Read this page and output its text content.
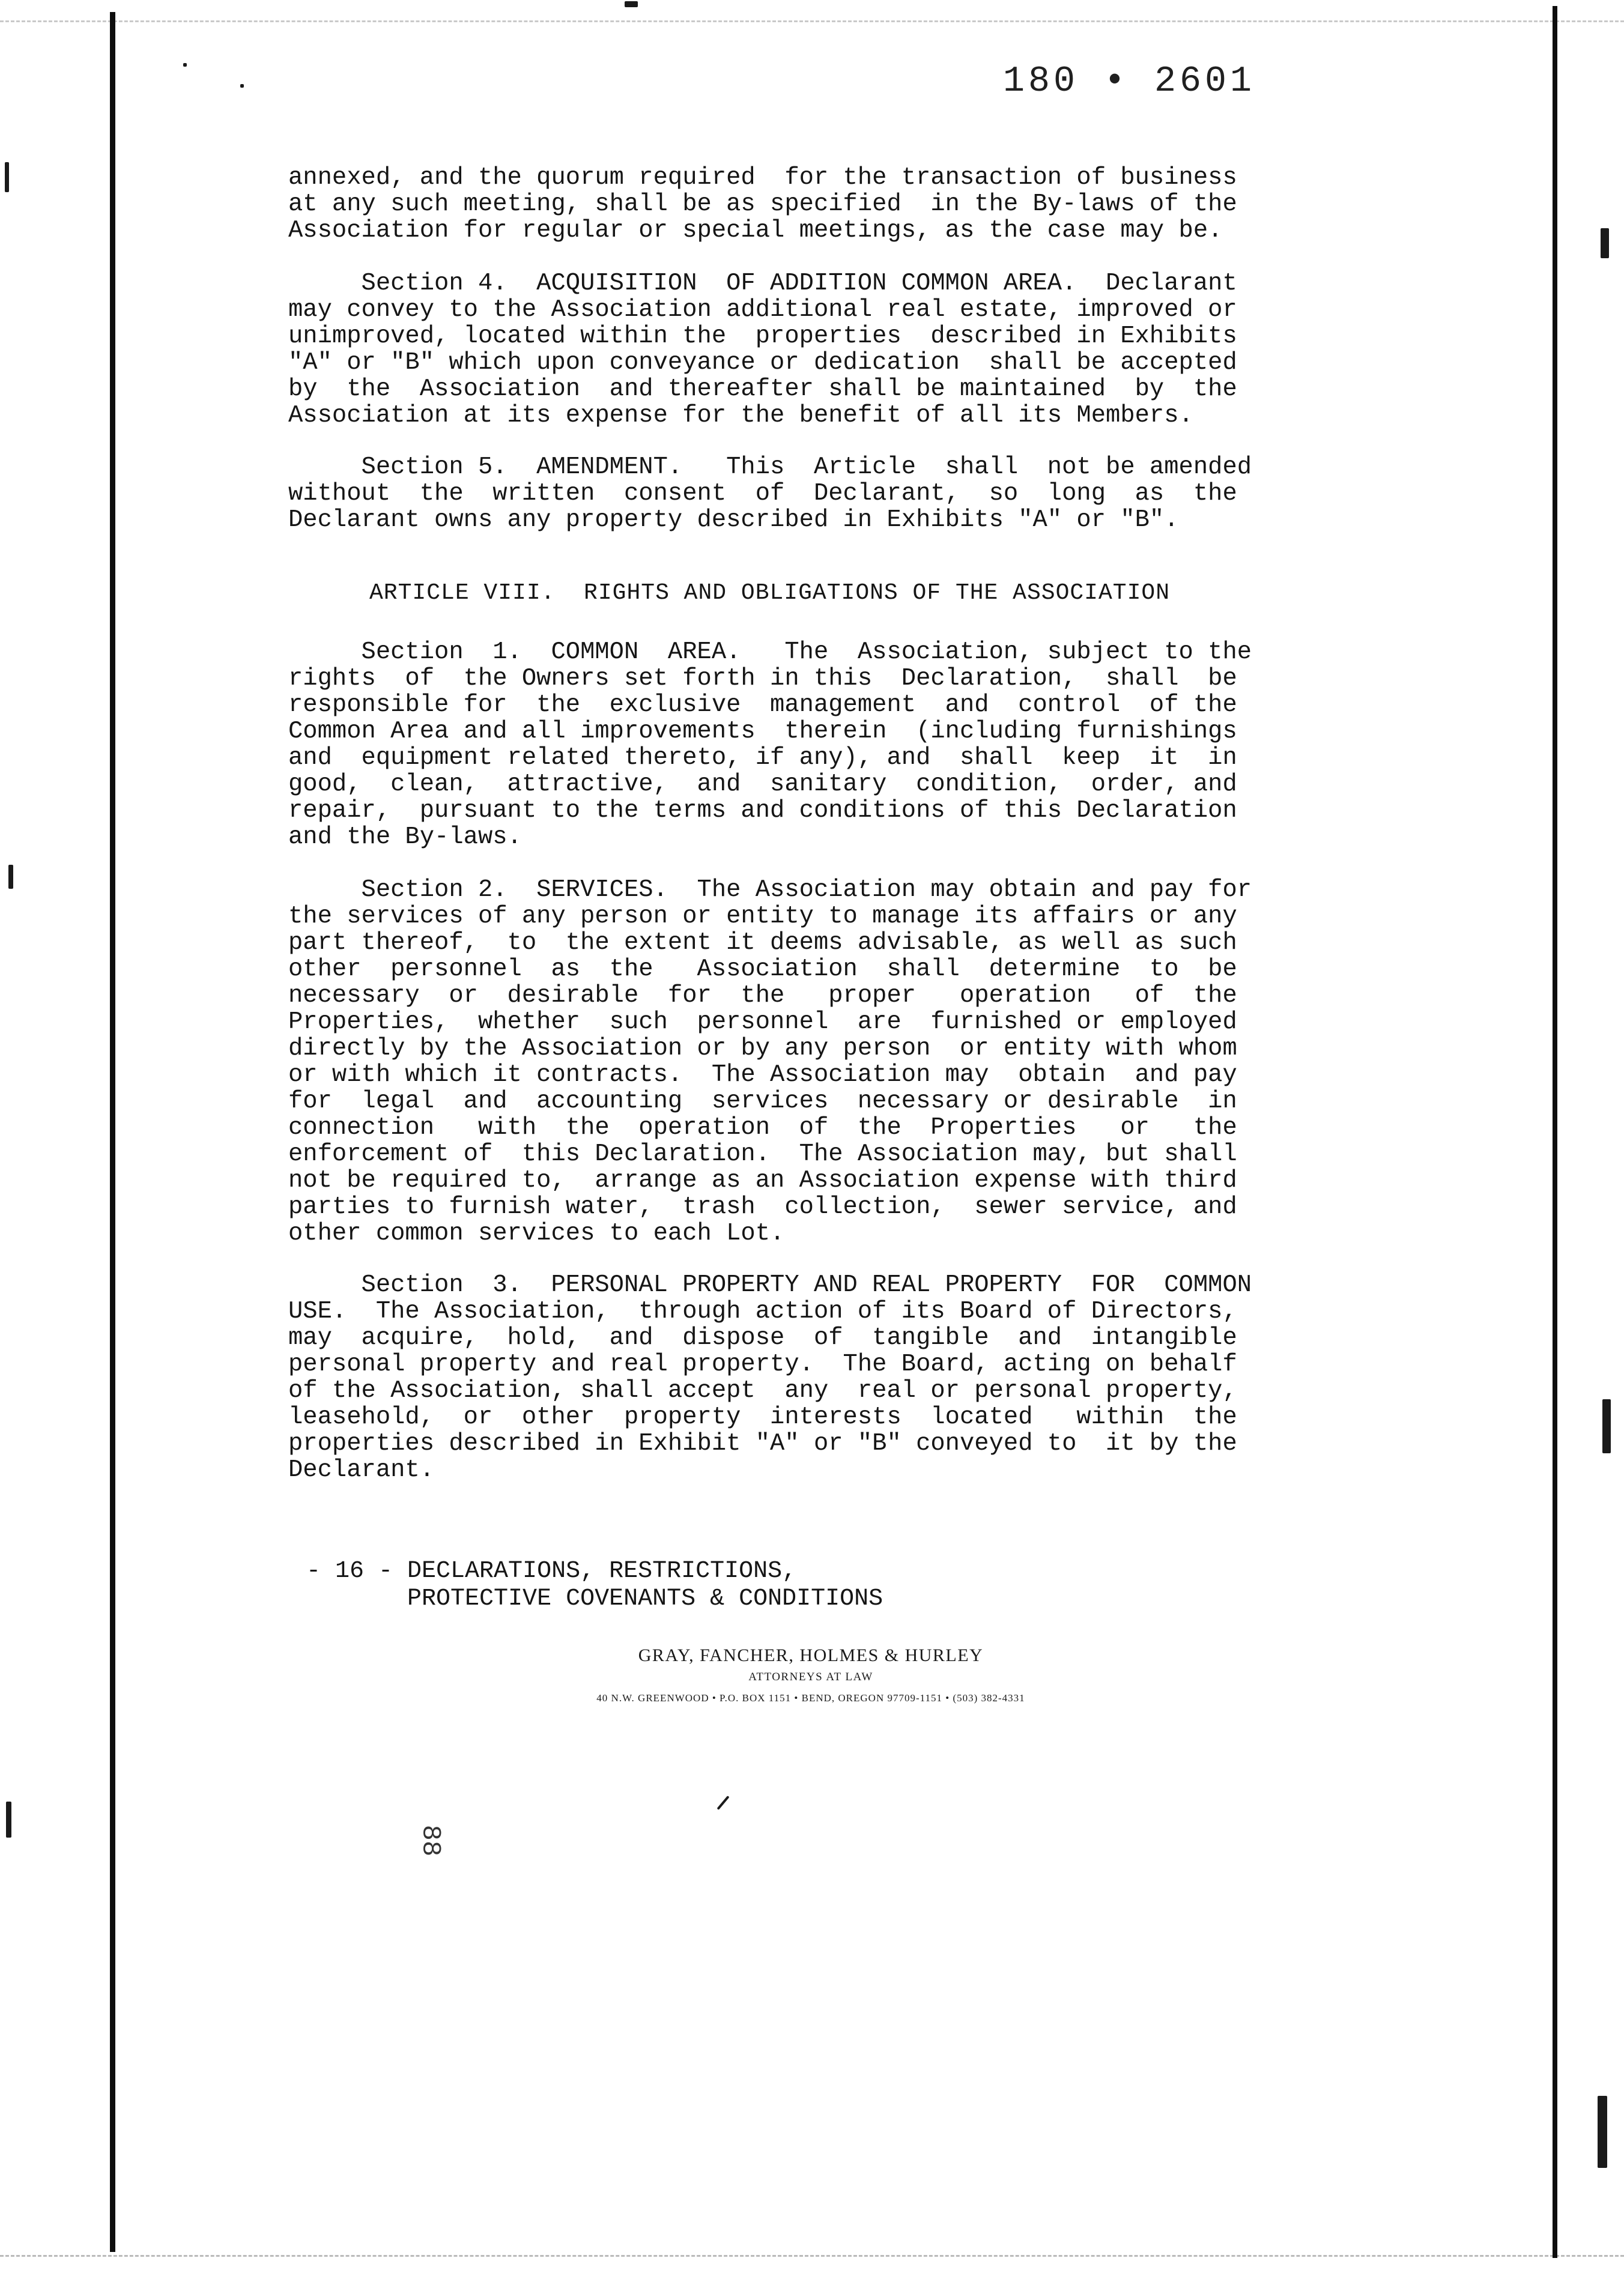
180 • 2601
annexed, and the quorum required  for the transaction of business
at any such meeting, shall be as specified  in the By-laws of the
Association for regular or special meetings, as the case may be.
Section 4.  ACQUISITION  OF ADDITION COMMON AREA.  Declarant
may convey to the Association additional real estate, improved or
unimproved, located within the  properties  described in Exhibits
"A" or "B" which upon conveyance or dedication  shall be accepted
by  the  Association  and thereafter shall be maintained  by  the
Association at its expense for the benefit of all its Members.
Section 5.  AMENDMENT.   This  Article  shall  not be amended
without  the  written  consent  of  Declarant,  so  long  as  the
Declarant owns any property described in Exhibits "A" or "B".
ARTICLE VIII.  RIGHTS AND OBLIGATIONS OF THE ASSOCIATION
Section  1.  COMMON  AREA.   The  Association, subject to the
rights  of  the Owners set forth in this  Declaration,  shall  be
responsible for  the  exclusive  management  and  control  of the
Common Area and all improvements  therein  (including furnishings
and  equipment related thereto, if any), and  shall  keep  it  in
good,  clean,  attractive,  and  sanitary  condition,  order, and
repair,  pursuant to the terms and conditions of this Declaration
and the By-laws.
Section 2.  SERVICES.  The Association may obtain and pay for
the services of any person or entity to manage its affairs or any
part thereof,  to  the extent it deems advisable, as well as such
other  personnel  as  the   Association  shall  determine  to  be
necessary  or  desirable  for  the   proper   operation   of  the
Properties,  whether  such  personnel  are  furnished or employed
directly by the Association or by any person  or entity with whom
or with which it contracts.  The Association may  obtain  and pay
for  legal  and  accounting  services  necessary or desirable  in
connection   with  the  operation  of  the  Properties   or   the
enforcement of  this Declaration.  The Association may, but shall
not be required to,  arrange as an Association expense with third
parties to furnish water,  trash  collection,  sewer service, and
other common services to each Lot.
Section  3.  PERSONAL PROPERTY AND REAL PROPERTY  FOR  COMMON
USE.  The Association,  through action of its Board of Directors,
may  acquire,  hold,  and  dispose  of  tangible  and  intangible
personal property and real property.  The Board, acting on behalf
of the Association, shall accept  any  real or personal property,
leasehold,  or  other  property  interests  located   within  the
properties described in Exhibit "A" or "B" conveyed to  it by the
Declarant.
- 16 - DECLARATIONS, RESTRICTIONS,
PROTECTIVE COVENANTS & CONDITIONS
GRAY, FANCHER, HOLMES & HURLEY
ATTORNEYS AT LAW
40 N.W. GREENWOOD • P.O. BOX 1151 • BEND, OREGON 97709-1151 • (503) 382-4331
88
